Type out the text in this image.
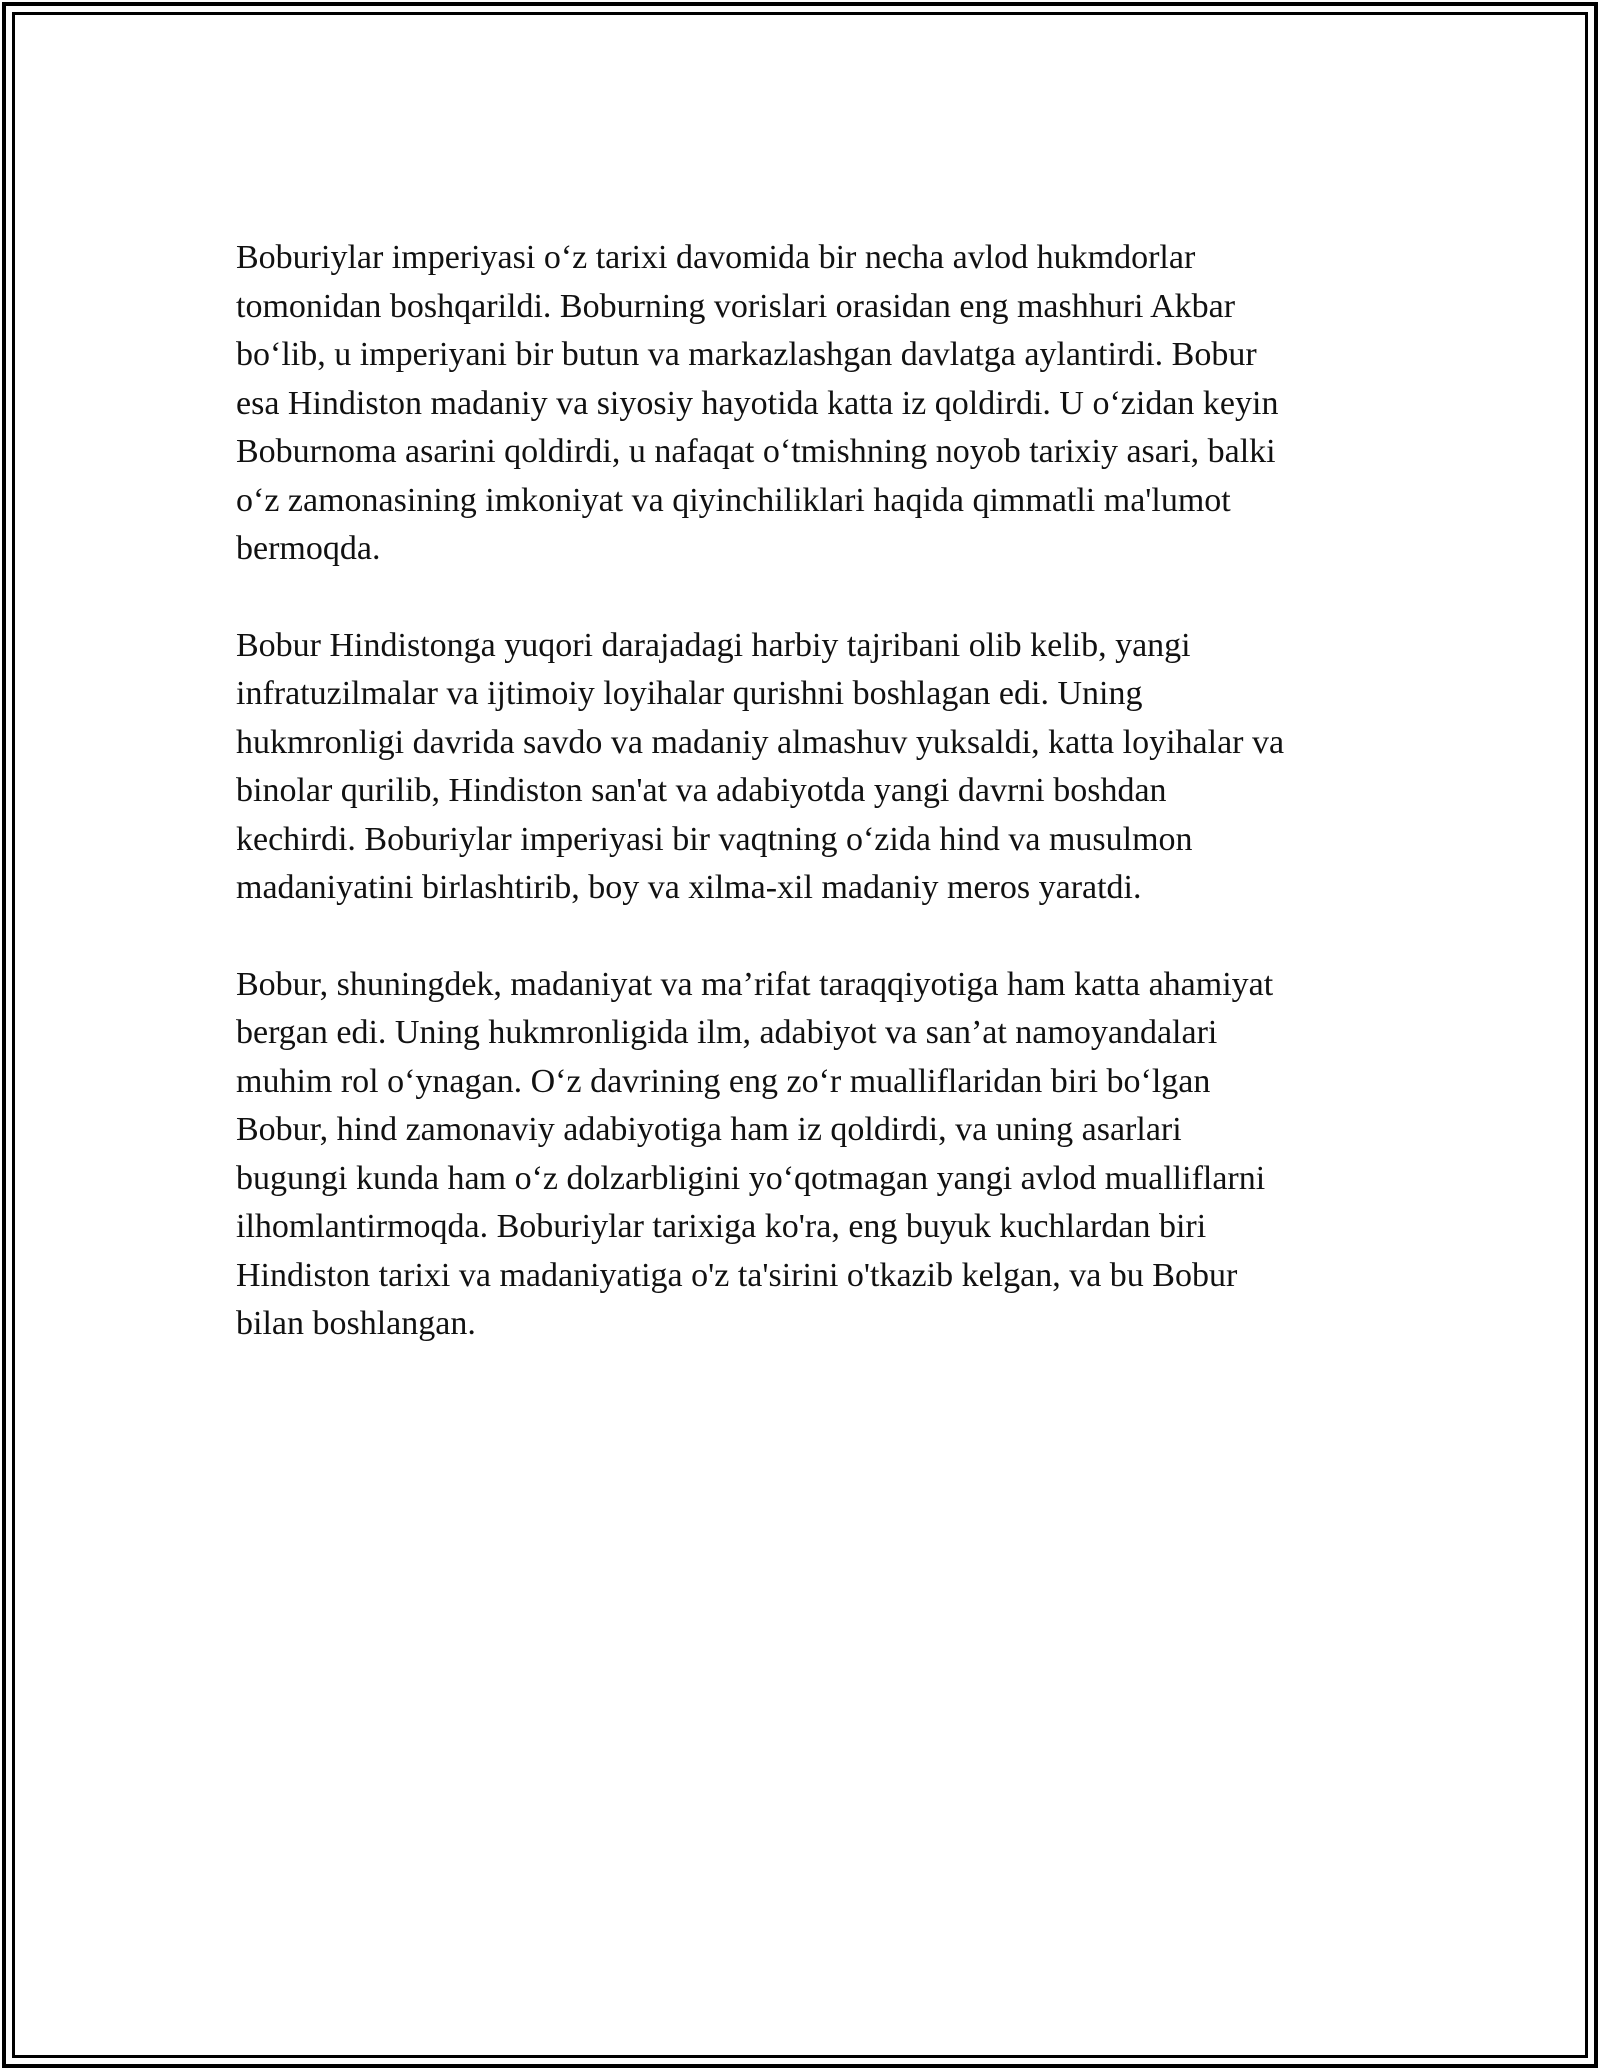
Boburiylar imperiyasi o‘z tarixi davomida bir necha avlod hukmdorlar
tomonidan boshqarildi. Boburning vorislari orasidan eng mashhuri Akbar
bo‘lib, u imperiyani bir butun va markazlashgan davlatga aylantirdi. Bobur
esa Hindiston madaniy va siyosiy hayotida katta iz qoldirdi. U o‘zidan keyin
Boburnoma asarini qoldirdi, u nafaqat o‘tmishning noyob tarixiy asari, balki
o‘z zamonasining imkoniyat va qiyinchiliklari haqida qimmatli ma'lumot
bermoqda.

Bobur Hindistonga yuqori darajadagi harbiy tajribani olib kelib, yangi
infratuzilmalar va ijtimoiy loyihalar qurishni boshlagan edi. Uning
hukmronligi davrida savdo va madaniy almashuv yuksaldi, katta loyihalar va
binolar qurilib, Hindiston san'at va adabiyotda yangi davrni boshdan
kechirdi. Boburiylar imperiyasi bir vaqtning o‘zida hind va musulmon
madaniyatini birlashtirib, boy va xilma-xil madaniy meros yaratdi.

Bobur, shuningdek, madaniyat va ma’rifat taraqqiyotiga ham katta ahamiyat
bergan edi. Uning hukmronligida ilm, adabiyot va san’at namoyandalari
muhim rol o‘ynagan. O‘z davrining eng zo‘r mualliflaridan biri bo‘lgan
Bobur, hind zamonaviy adabiyotiga ham iz qoldirdi, va uning asarlari
bugungi kunda ham o‘z dolzarbligini yo‘qotmagan yangi avlod mualliflarni
ilhomlantirmoqda. Boburiylar tarixiga ko'ra, eng buyuk kuchlardan biri
Hindiston tarixi va madaniyatiga o'z ta'sirini o'tkazib kelgan, va bu Bobur
bilan boshlangan.
